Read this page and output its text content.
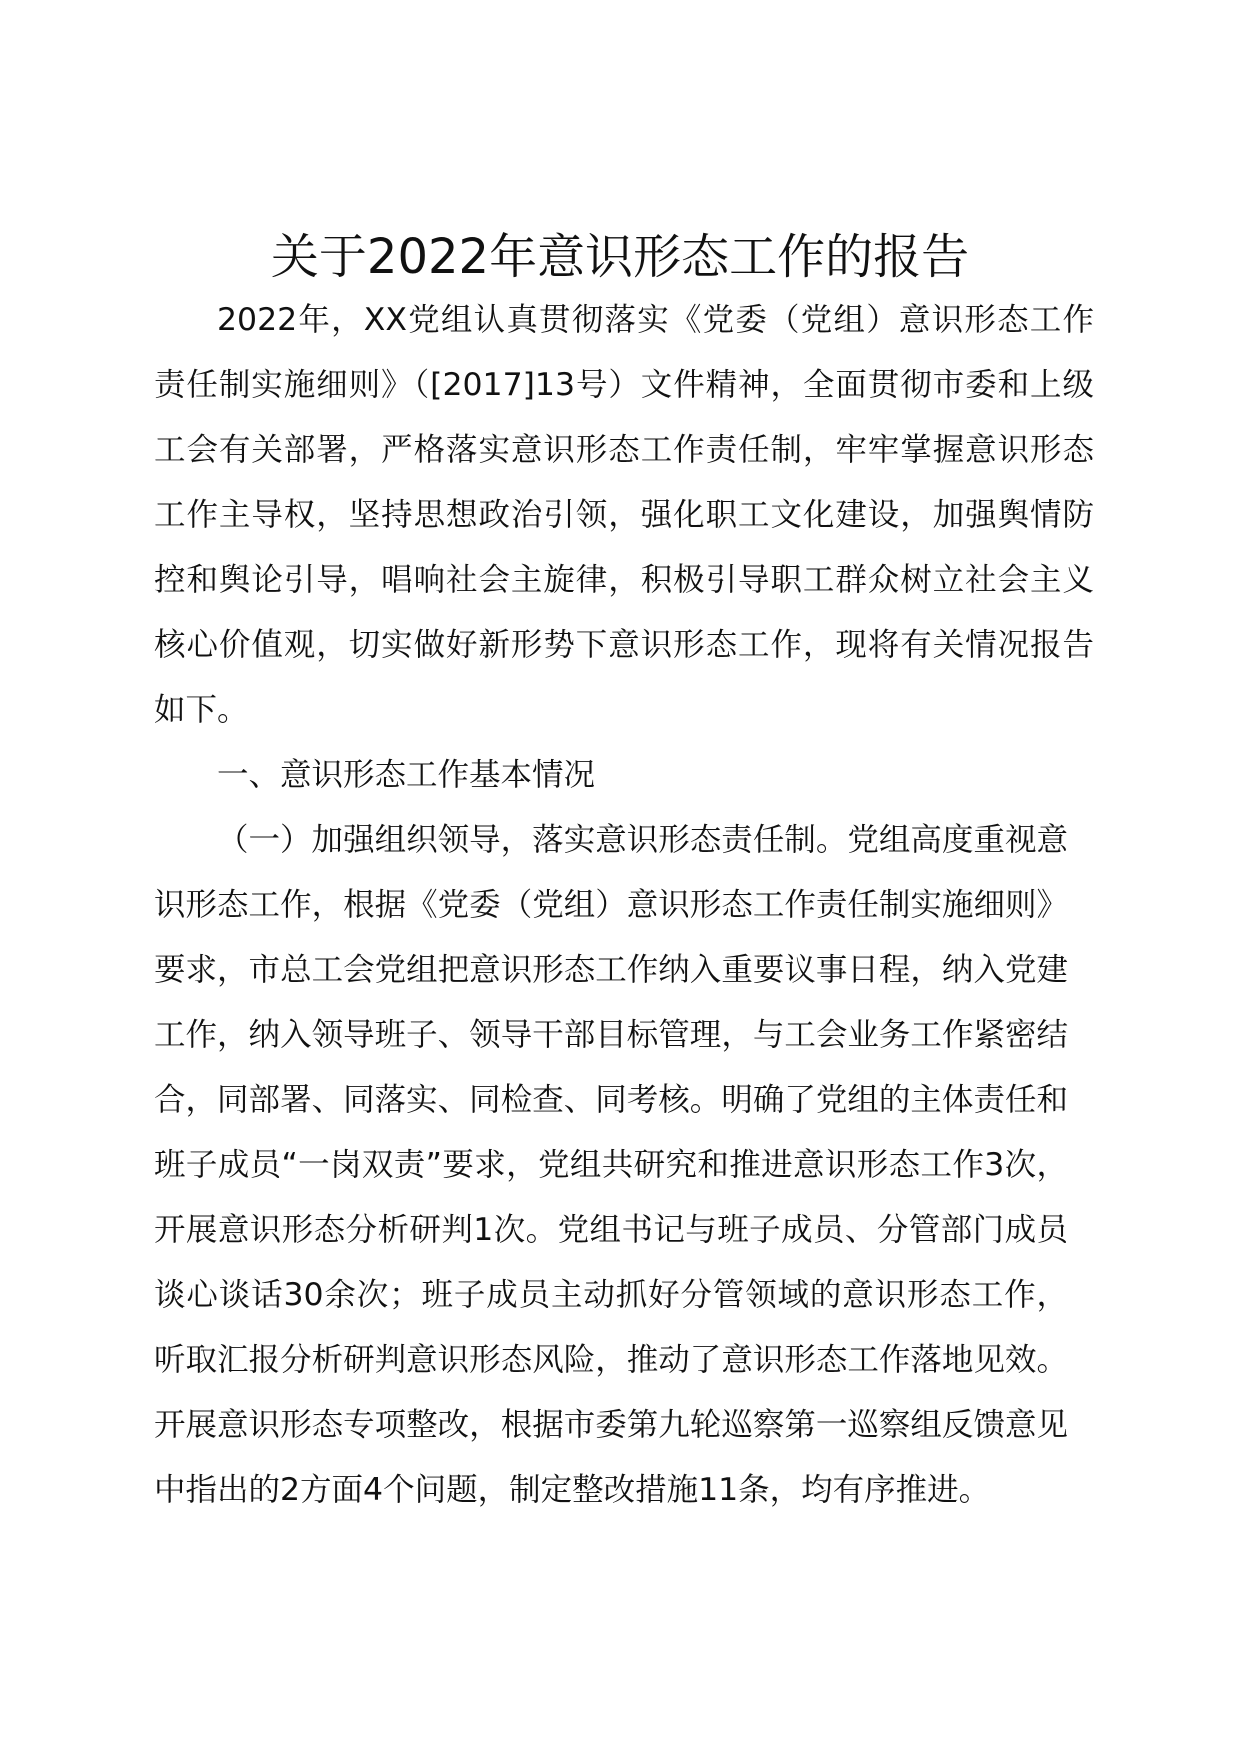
关于2022年意识形态工作的报告

2022年，XX党组认真贯彻落实《党委（党组）意识形态工作责任制实施细则》（[2017]13号）文件精神，全面贯彻市委和上级工会有关部署，严格落实意识形态工作责任制，牢牢掌握意识形态工作主导权，坚持思想政治引领，强化职工文化建设，加强舆情防控和舆论引导，唱响社会主旋律，积极引导职工群众树立社会主义核心价值观，切实做好新形势下意识形态工作，现将有关情况报告如下。

一、意识形态工作基本情况

（一）加强组织领导，落实意识形态责任制。党组高度重视意识形态工作，根据《党委（党组）意识形态工作责任制实施细则》要求，市总工会党组把意识形态工作纳入重要议事日程，纳入党建工作，纳入领导班子、领导干部目标管理，与工会业务工作紧密结合，同部署、同落实、同检查、同考核。明确了党组的主体责任和班子成员“一岗双责”要求，党组共研究和推进意识形态工作3次，开展意识形态分析研判1次。党组书记与班子成员、分管部门成员谈心谈话30余次；班子成员主动抓好分管领域的意识形态工作，听取汇报分析研判意识形态风险，推动了意识形态工作落地见效。开展意识形态专项整改，根据市委第九轮巡察第一巡察组反馈意见中指出的2方面4个问题，制定整改措施11条，均有序推进。
